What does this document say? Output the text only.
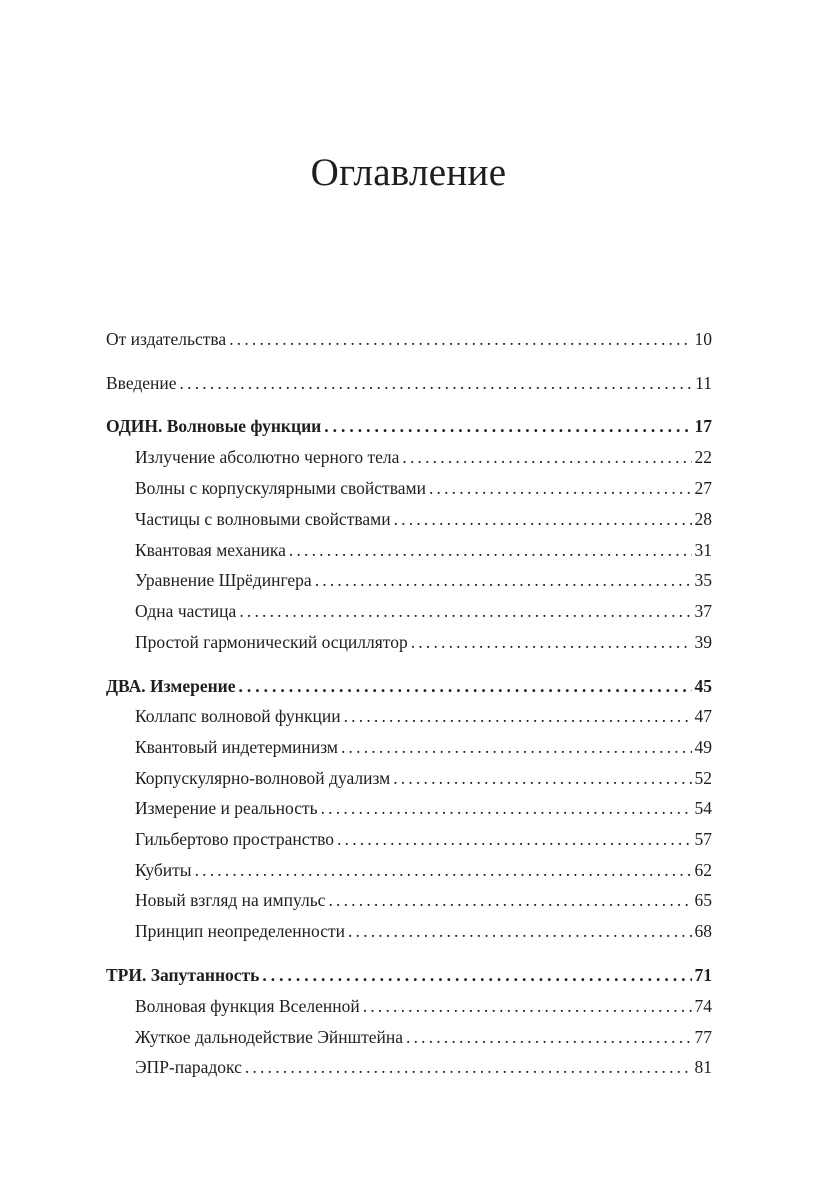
Оглавление
От издательства .....	10
Введение .....	11
ОДИН. Волновые функции .....	17
Излучение абсолютно черного тела .....	22
Волны с корпускулярными свойствами .....	27
Частицы с волновыми свойствами .....	28
Квантовая механика .....	31
Уравнение Шрёдингера .....	35
Одна частица .....	37
Простой гармонический осциллятор .....	39
ДВА. Измерение .....	45
Коллапс волновой функции .....	47
Квантовый индетерминизм .....	49
Корпускулярно-волновой дуализм .....	52
Измерение и реальность .....	54
Гильбертово пространство .....	57
Кубиты .....	62
Новый взгляд на импульс .....	65
Принцип неопределенности .....	68
ТРИ. Запутанность .....	71
Волновая функция Вселенной .....	74
Жуткое дальнодействие Эйнштейна .....	77
ЭПР-парадокс .....	81
